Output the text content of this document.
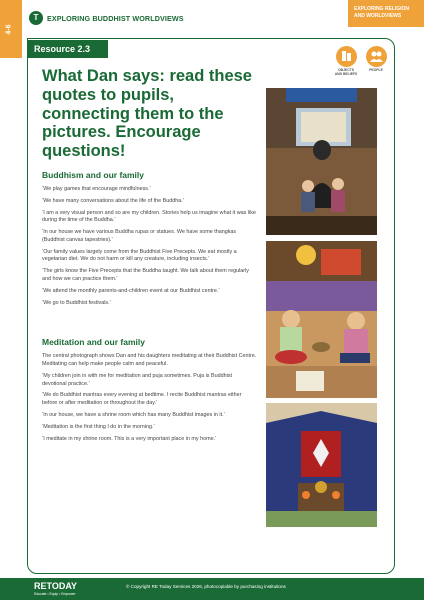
4-6
T	EXPLORING BUDDHIST WORLDVIEWS
EXPLORING RELIGION AND WORLDVIEWS
Resource 2.3
OBJECTS AND BELIEFS
PEOPLE
What Dan says: read these quotes to pupils, connecting them to the pictures. Encourage questions!
Buddhism and our family

‘We play games that encourage mindfulness.’

‘We have many conversations about the life of the Buddha.’

‘I am a very visual person and so are my children. Stories help us imagine what it was like during the time of the Buddha.’

‘In our house we have various Buddha rupas or statues. We have some thangkas (Buddhist canvas tapestries).’

‘Our family values largely come from the Buddhist Five Precepts. We eat mostly a vegetarian diet. We do not harm or kill any creature, including insects.’

‘The girls know the Five Precepts that the Buddha taught. We talk about them regularly and how we can practice them.’

‘We attend the monthly parents-and-children event at our Buddhist centre.’

‘We go to Buddhist festivals.’

Meditation and our family

The central photograph shows Dan and his daughters meditating at their Buddhist Centre. Meditating can help make people calm and peaceful.

‘My children join in with me for meditation and puja sometimes. Puja is Buddhist devotional practice.’

‘We do Buddhist mantras every evening at bedtime. I recite Buddhist mantras either before or after meditation or throughout the day.’

‘In our house, we have a shrine room which has many Buddhist images in it.’

‘Meditation is the first thing I do in the morning.’

‘I meditate in my shrine room. This is a very important place in my home.’

RETODAY
Educate • Equip • Empower
© Copyright RE Today Services 2026, photocopiable by purchasing institutions
